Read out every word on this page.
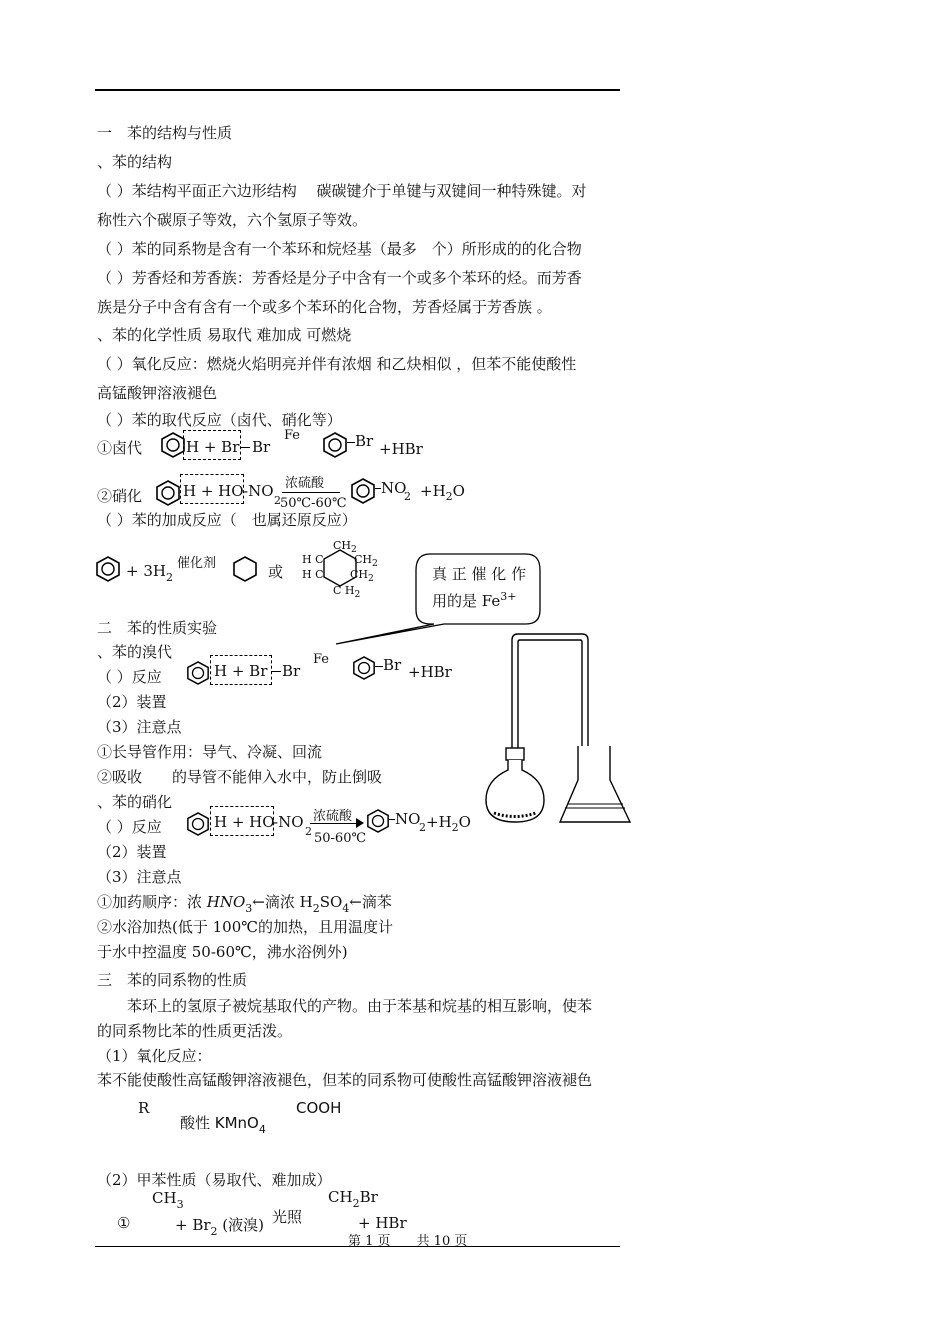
一　苯的结构与性质
、苯的结构
（ ）苯结构平面正六边形结构　 碳碳键介于单键与双键间一种特殊键。对
称性六个碳原子等效，六个氢原子等效。
（ ）苯的同系物是含有一个苯环和烷烃基（最多　个）所形成的的化合物
（ ）芳香烃和芳香族：芳香烃是分子中含有一个或多个苯环的烃。而芳香
族是分子中含有含有一个或多个苯环的化合物，芳香烃属于芳香族 。
、苯的化学性质 易取代 难加成 可燃烧
（ ）氧化反应：燃烧火焰明亮并伴有浓烟 和乙炔相似 ，但苯不能使酸性
高锰酸钾溶液褪色
（ ）苯的取代反应（卤代、硝化等）
①卤代	H + Br Br
Fe	Br +HBr
②硝化	H + HO -NO
2
浓硫酸
50℃-60℃
NO
$2 +H_2O$
（ ）苯的加成反应（　也属还原反应）
+ $3H_2$
催化剂	或
$CH_2$
$CH_2$
H C
H C $CH_2$
C $H_2$
真 正 催 化 作
用的是 $Fe^{3+}$
二　苯的性质实验
、苯的溴代
（ ）反应	H + Br Br
Fe	Br +HBr
（2）装置
（3）注意点
①长导管作用：导气、冷凝、回流
②吸收　　的导管不能伸入水中，防止倒吸
、苯的硝化
（ ）反应	H + HO
-NO
2
浓硫酸
50-60℃
NO
$2 +H_2O$
（2）装置
（3）注意点
①加药顺序：浓 $HNO_3\leftarrow$滴浓 $H_2SO_4\leftarrow$滴苯
②水浴加热(低于 100℃的加热，且用温度计
于水中控温度 50-60℃，沸水浴例外)
三　苯的同系物的性质
　　苯环上的氢原子被烷基取代的产物。由于苯基和烷基的相互影响，使苯
的同系物比苯的性质更活泼。
（1）氧化反应：
苯不能使酸性高锰酸钾溶液褪色，但苯的同系物可使酸性高锰酸钾溶液褪色
R
酸性 KMnO$_4$
COOH
（2）甲苯性质（易取代、难加成）
$CH_3$
①	+ $Br_2$ (液溴) 光照
$CH_2Br$
+ HBr
第 1 页　　共 10 页
